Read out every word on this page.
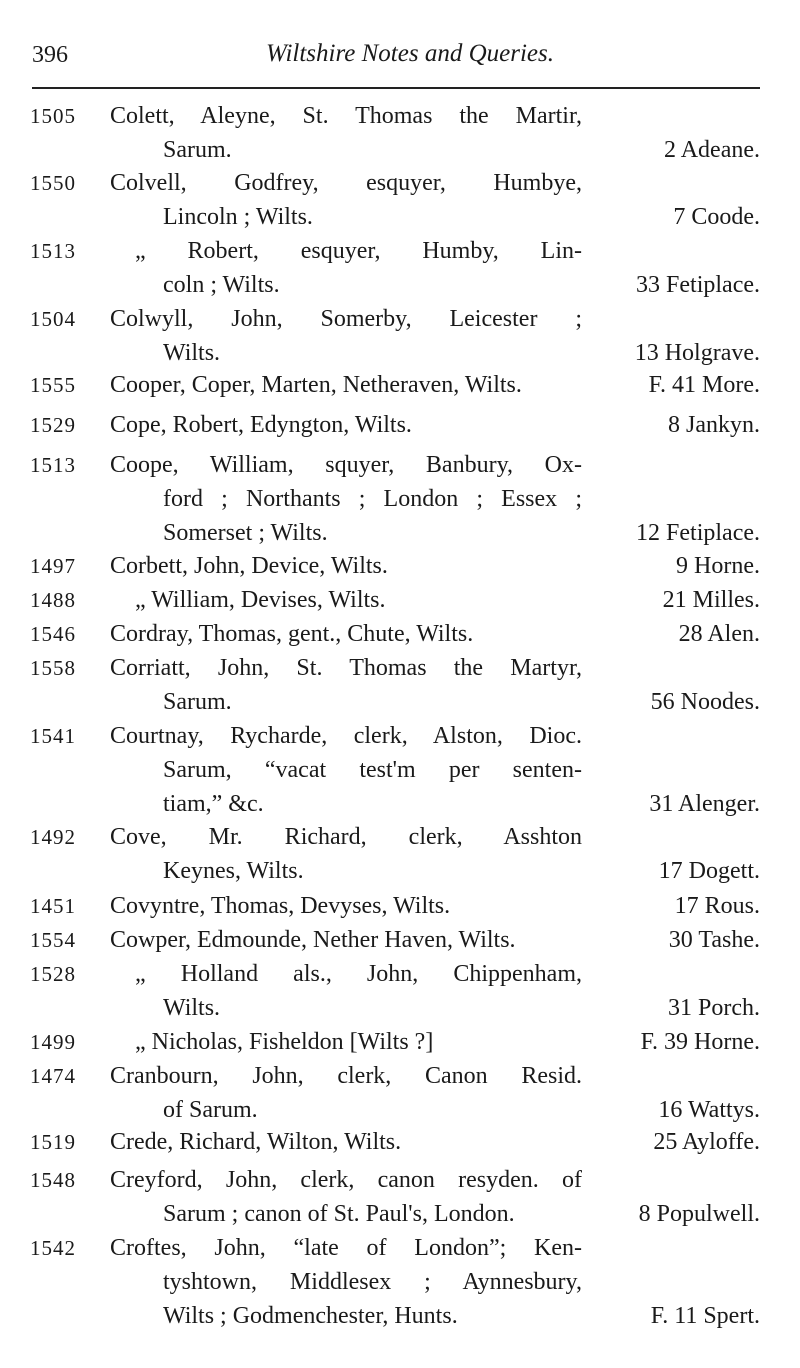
396	Wiltshire Notes and Queries.
1505 Colett, Aleyne, St. Thomas the Martir,
Sarum.	2 Adeane.
1550 Colvell, Godfrey, esquyer, Humbye,
Lincoln ; Wilts.	7 Coode.
1513 „ Robert, esquyer, Humby, Lin-
coln ; Wilts.	33 Fetiplace.
1504 Colwyll, John, Somerby, Leicester ;
Wilts.	13 Holgrave.
1555 Cooper, Coper, Marten, Netheraven, Wilts.	F. 41 More.
1529 Cope, Robert, Edyngton, Wilts.	8 Jankyn.
1513 Coope, William, squyer, Banbury, Ox-
ford ; Northants ; London ; Essex ;
Somerset ; Wilts.	12 Fetiplace.
1497 Corbett, John, Device, Wilts.	9 Horne.
1488 „ William, Devises, Wilts.	21 Milles.
1546 Cordray, Thomas, gent., Chute, Wilts.	28 Alen.
1558 Corriatt, John, St. Thomas the Martyr,
Sarum.	56 Noodes.
1541 Courtnay, Rycharde, clerk, Alston, Dioc.
Sarum, “vacat test'm per senten-
tiam,” &c.	31 Alenger.
1492 Cove, Mr. Richard, clerk, Asshton
Keynes, Wilts.	17 Dogett.
1451 Covyntre, Thomas, Devyses, Wilts.	17 Rous.
1554 Cowper, Edmounde, Nether Haven, Wilts.	30 Tashe.
1528 „ Holland als., John, Chippenham,
Wilts.	31 Porch.
1499 „ Nicholas, Fisheldon [Wilts ?]	F. 39 Horne.
1474 Cranbourn, John, clerk, Canon Resid.
of Sarum.	16 Wattys.
1519 Crede, Richard, Wilton, Wilts.	25 Ayloffe.
1548 Creyford, John, clerk, canon resyden. of
Sarum ; canon of St. Paul's, London.	8 Populwell.
1542 Croftes, John, “late of London”; Ken-
tyshtown, Middlesex ; Aynnesbury,
Wilts ; Godmenchester, Hunts.	F. 11 Spert.
